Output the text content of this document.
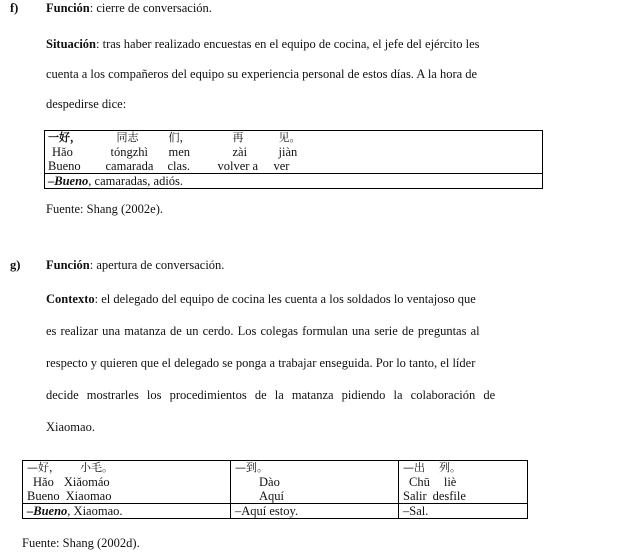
f) Función: cierre de conversación.
Situación: tras haber realizado encuestas en el equipo de cocina, el jefe del ejército les
cuenta a los compañeros del equipo su experiencia personal de estos días. A la hora de
despedirse dice:
一好，	同志	们，	再	见。
Hǎo	tóngzhì	men	zài	jiàn
Bueno	camarada	clas.	volver a	ver
–Bueno, camaradas, adiós.				
Fuente: Shang (2002e).
g) Función: apertura de conversación.
Contexto: el delegado del equipo de cocina les cuenta a los soldados lo ventajoso que
es realizar una matanza de un cerdo. Los colegas formulan una serie de preguntas al
respecto y quieren que el delegado se ponga a trabajar enseguida. Por lo tanto, el líder
decide mostrarles los procedimientos de la matanza pidiendo la colaboración de
Xiaomao.
—好， 小毛。	—到。	—出 列。
Hǎo Xiǎomáo	Dào	Chū liè
Bueno Xiaomao	Aquí	Salir desfile
–Bueno, Xiaomao.	–Aquí estoy.	–Sal.
Fuente: Shang (2002d).
